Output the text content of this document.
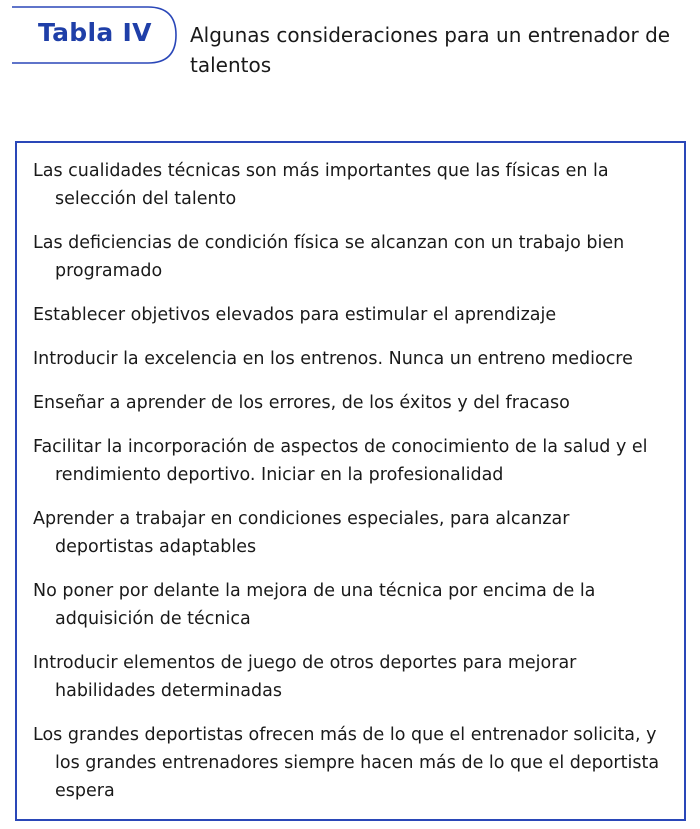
Tabla IV Algunas consideraciones para un entrenador de talentos
Las cualidades técnicas son más importantes que las físicas en la selección del talento
Las deficiencias de condición física se alcanzan con un trabajo bien programado
Establecer objetivos elevados para estimular el aprendizaje
Introducir la excelencia en los entrenos. Nunca un entreno mediocre
Enseñar a aprender de los errores, de los éxitos y del fracaso
Facilitar la incorporación de aspectos de conocimiento de la salud y el rendimiento deportivo. Iniciar en la profesionalidad
Aprender a trabajar en condiciones especiales, para alcanzar deportistas adaptables
No poner por delante la mejora de una técnica por encima de la adquisición de técnica
Introducir elementos de juego de otros deportes para mejorar habilidades determinadas
Los grandes deportistas ofrecen más de lo que el entrenador solicita, y los grandes entrenadores siempre hacen más de lo que el deportista espera
